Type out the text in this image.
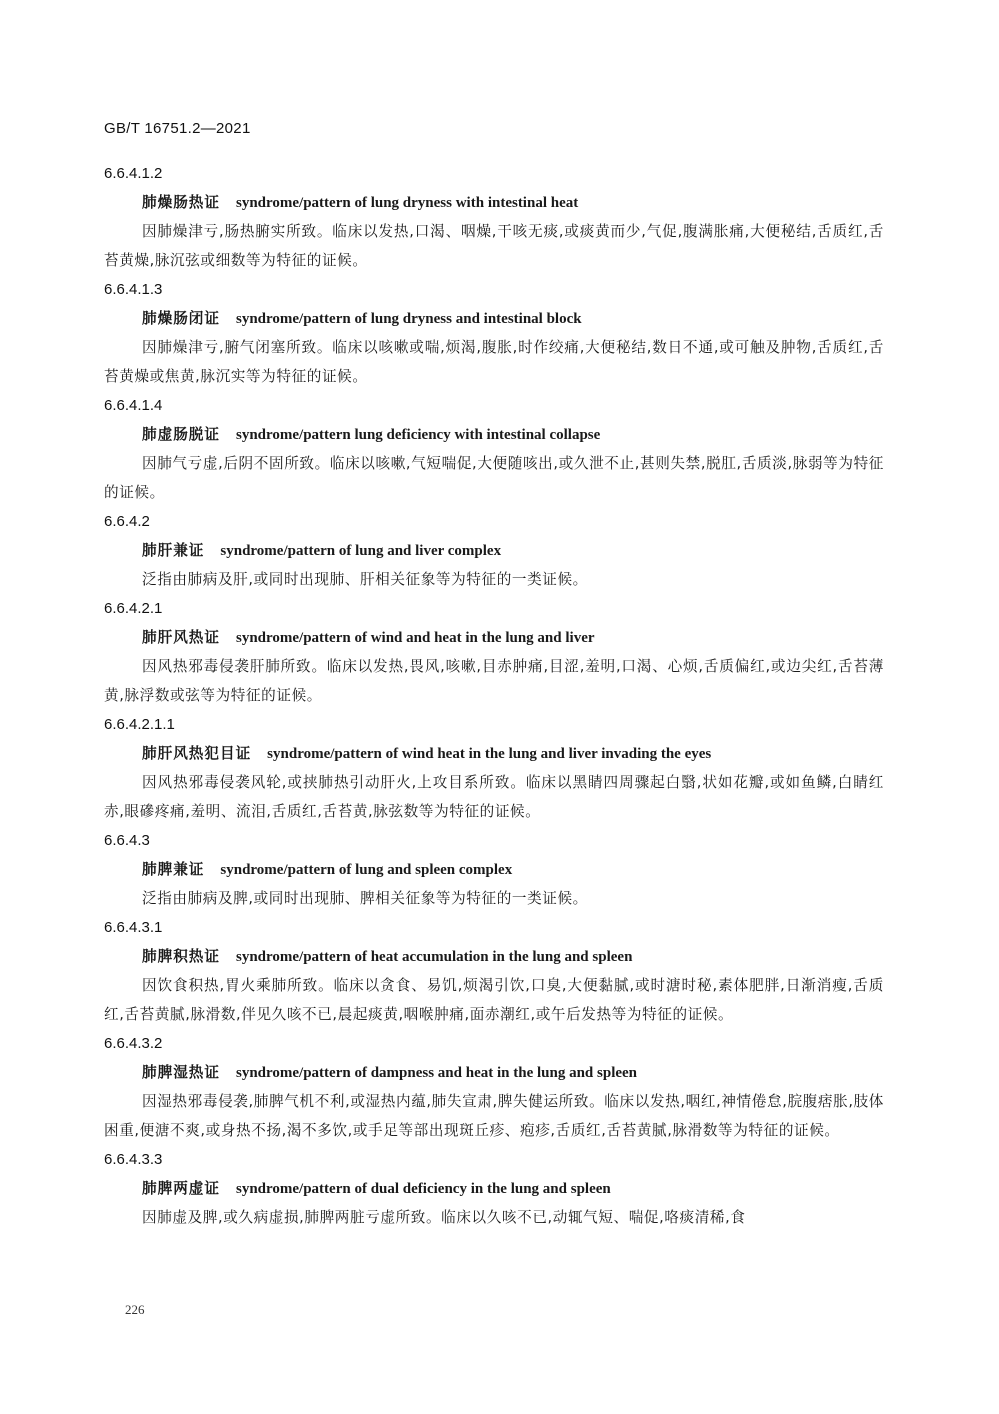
GB/T 16751.2—2021
6.6.4.1.2
肺燥肠热证 syndrome/pattern of lung dryness with intestinal heat
因肺燥津亏,肠热腑实所致。临床以发热,口渴、咽燥,干咳无痰,或痰黄而少,气促,腹满胀痛,大便秘结,舌质红,舌苔黄燥,脉沉弦或细数等为特征的证候。
6.6.4.1.3
肺燥肠闭证 syndrome/pattern of lung dryness and intestinal block
因肺燥津亏,腑气闭塞所致。临床以咳嗽或喘,烦渴,腹胀,时作绞痛,大便秘结,数日不通,或可触及肿物,舌质红,舌苔黄燥或焦黄,脉沉实等为特征的证候。
6.6.4.1.4
肺虚肠脱证 syndrome/pattern lung deficiency with intestinal collapse
因肺气亏虚,后阴不固所致。临床以咳嗽,气短喘促,大便随咳出,或久泄不止,甚则失禁,脱肛,舌质淡,脉弱等为特征的证候。
6.6.4.2
肺肝兼证 syndrome/pattern of lung and liver complex
泛指由肺病及肝,或同时出现肺、肝相关征象等为特征的一类证候。
6.6.4.2.1
肺肝风热证 syndrome/pattern of wind and heat in the lung and liver
因风热邪毒侵袭肝肺所致。临床以发热,畏风,咳嗽,目赤肿痛,目涩,羞明,口渴、心烦,舌质偏红,或边尖红,舌苔薄黄,脉浮数或弦等为特征的证候。
6.6.4.2.1.1
肺肝风热犯目证 syndrome/pattern of wind heat in the lung and liver invading the eyes
因风热邪毒侵袭风轮,或挟肺热引动肝火,上攻目系所致。临床以黑睛四周骤起白翳,状如花瓣,或如鱼鳞,白睛红赤,眼磣疼痛,羞明、流泪,舌质红,舌苔黄,脉弦数等为特征的证候。
6.6.4.3
肺脾兼证 syndrome/pattern of lung and spleen complex
泛指由肺病及脾,或同时出现肺、脾相关征象等为特征的一类证候。
6.6.4.3.1
肺脾积热证 syndrome/pattern of heat accumulation in the lung and spleen
因饮食积热,胃火乘肺所致。临床以贪食、易饥,烦渴引饮,口臭,大便黏腻,或时溏时秘,素体肥胖,日渐消瘦,舌质红,舌苔黄腻,脉滑数,伴见久咳不已,晨起痰黄,咽喉肿痛,面赤潮红,或午后发热等为特征的证候。
6.6.4.3.2
肺脾湿热证 syndrome/pattern of dampness and heat in the lung and spleen
因湿热邪毒侵袭,肺脾气机不利,或湿热内蕴,肺失宣肃,脾失健运所致。临床以发热,咽红,神情倦怠,脘腹痞胀,肢体困重,便溏不爽,或身热不扬,渴不多饮,或手足等部出现斑丘疹、疱疹,舌质红,舌苔黄腻,脉滑数等为特征的证候。
6.6.4.3.3
肺脾两虚证 syndrome/pattern of dual deficiency in the lung and spleen
因肺虚及脾,或久病虚损,肺脾两脏亏虚所致。临床以久咳不已,动辄气短、喘促,咯痰清稀,食
226
